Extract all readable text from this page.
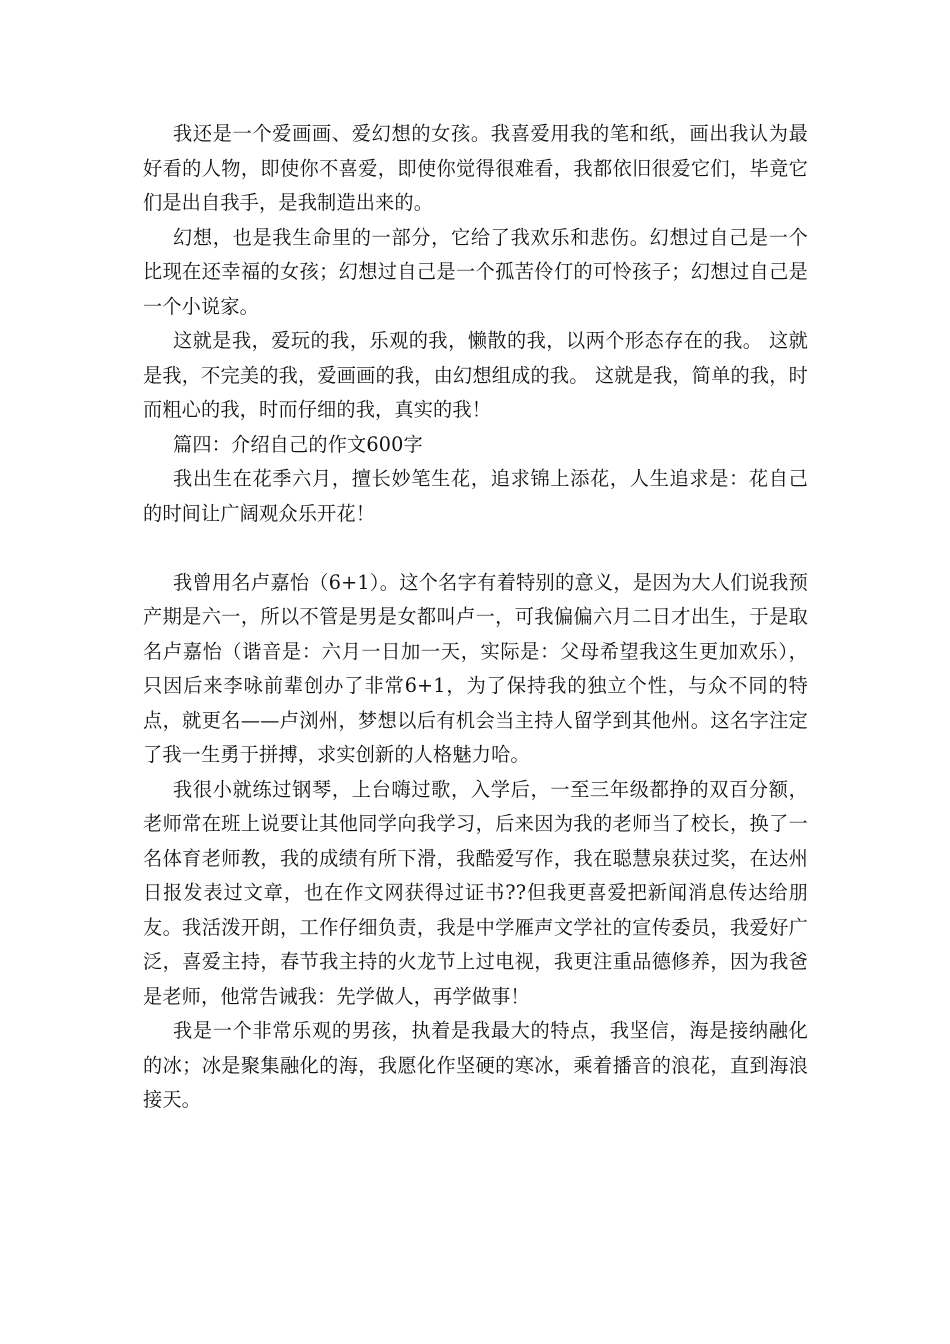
我还是一个爱画画、爱幻想的女孩。我喜爱用我的笔和纸，画出我认为最好看的人物，即使你不喜爱，即使你觉得很难看，我都依旧很爱它们，毕竟它们是出自我手，是我制造出来的。

幻想，也是我生命里的一部分，它给了我欢乐和悲伤。幻想过自己是一个比现在还幸福的女孩；幻想过自己是一个孤苦伶仃的可怜孩子；幻想过自己是一个小说家。

这就是我，爱玩的我，乐观的我，懒散的我，以两个形态存在的我。 这就是我，不完美的我，爱画画的我，由幻想组成的我。 这就是我，简单的我，时而粗心的我，时而仔细的我，真实的我！

篇四：介绍自己的作文600字

我出生在花季六月，擅长妙笔生花，追求锦上添花，人生追求是：花自己的时间让广阔观众乐开花！

我曾用名卢嘉怡（6+1）。这个名字有着特别的意义，是因为大人们说我预产期是六一，所以不管是男是女都叫卢一，可我偏偏六月二日才出生，于是取名卢嘉怡（谐音是：六月一日加一天，实际是：父母希望我这生更加欢乐），只因后来李咏前辈创办了非常6+1，为了保持我的独立个性，与众不同的特点，就更名——卢浏州，梦想以后有机会当主持人留学到其他州。这名字注定了我一生勇于拼搏，求实创新的人格魅力哈。

我很小就练过钢琴，上台嗨过歌，入学后，一至三年级都挣的双百分额，老师常在班上说要让其他同学向我学习，后来因为我的老师当了校长，换了一名体育老师教，我的成绩有所下滑，我酷爱写作，我在聪慧泉获过奖，在达州日报发表过文章，也在作文网获得过证书??但我更喜爱把新闻消息传达给朋友。我活泼开朗，工作仔细负责，我是中学雁声文学社的宣传委员，我爱好广泛，喜爱主持，春节我主持的火龙节上过电视，我更注重品德修养，因为我爸是老师，他常告诫我：先学做人，再学做事！

我是一个非常乐观的男孩，执着是我最大的特点，我坚信，海是接纳融化的冰；冰是聚集融化的海，我愿化作坚硬的寒冰，乘着播音的浪花，直到海浪接天。
